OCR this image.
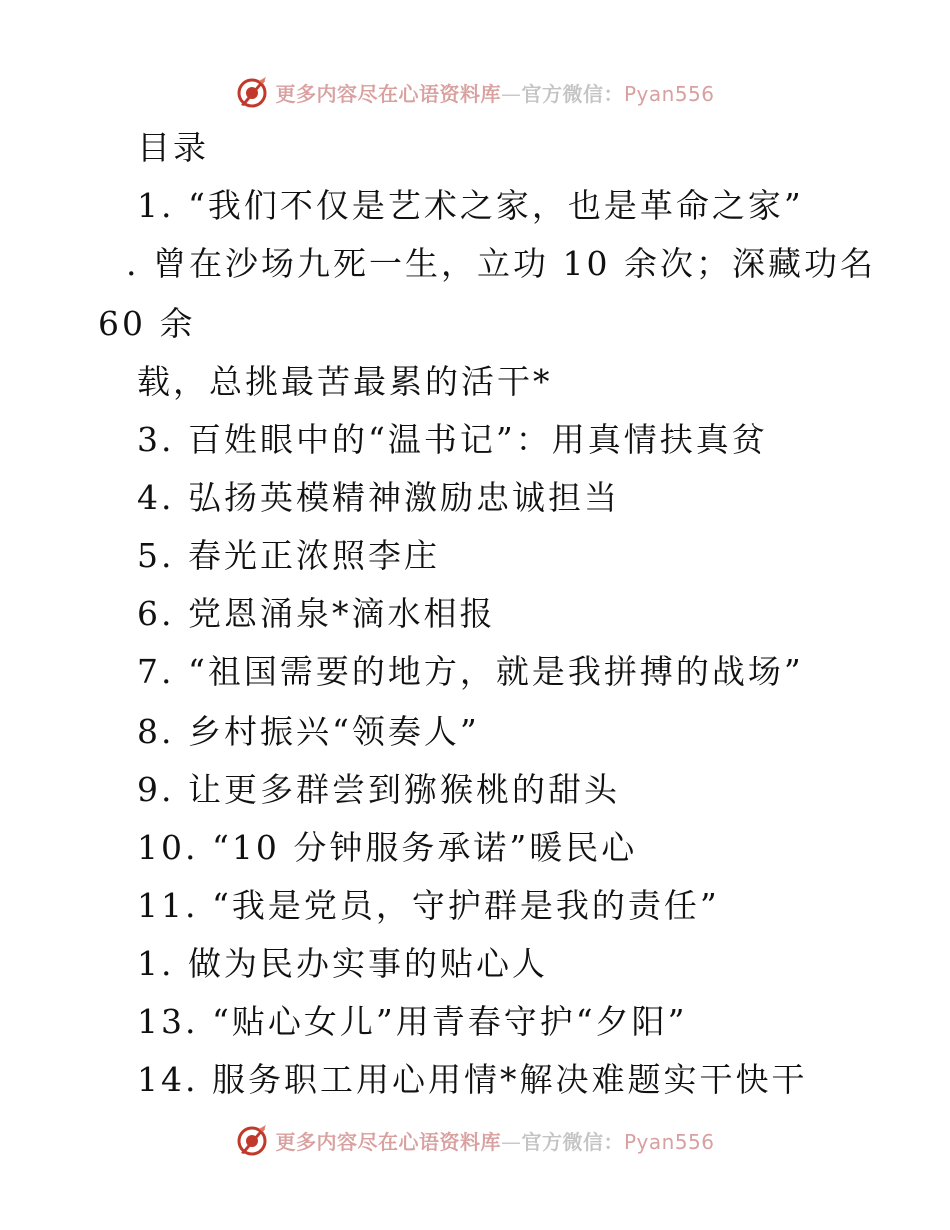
更多内容尽在心语资料库—官方微信：Pyan556
目录
1. “我们不仅是艺术之家，也是革命之家”
. 曾在沙场九死一生，立功 10 余次；深藏功名
60 余
载，总挑最苦最累的活干*
3. 百姓眼中的“温书记”：用真情扶真贫
4. 弘扬英模精神激励忠诚担当
5. 春光正浓照李庄
6. 党恩涌泉*滴水相报
7. “祖国需要的地方，就是我拼搏的战场”
8. 乡村振兴“领奏人”
9. 让更多群尝到猕猴桃的甜头
10. “10 分钟服务承诺”暖民心
11. “我是党员，守护群是我的责任”
1. 做为民办实事的贴心人
13. “贴心女儿”用青春守护“夕阳”
14. 服务职工用心用情*解决难题实干快干
更多内容尽在心语资料库—官方微信：Pyan556
